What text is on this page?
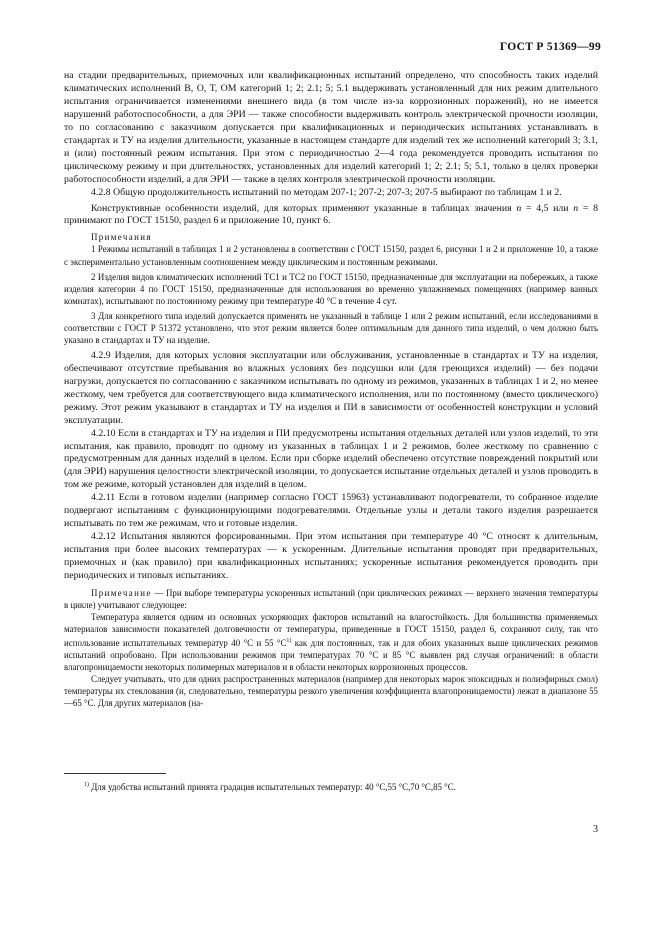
ГОСТ Р 51369—99

на стадии предварительных, приемочных или квалификационных испытаний определено, что способность таких изделий климатических исполнений В, О, Т, ОМ категорий 1; 2; 2.1; 5; 5.1 выдерживать установленный для них режим длительного испытания ограничивается изменениями внешнего вида (в том числе из-за коррозионных поражений), но не имеется нарушений работоспособности, а для ЭРИ — также способности выдерживать контроль электрической прочности изоляции, то по согласованию с заказчиком допускается при квалификационных и периодических испытаниях устанавливать в стандартах и ТУ на изделия длительности, указанные в настоящем стандарте для изделий тех же исполнений категорий 3; 3.1, и (или) постоянный режим испытания. При этом с периодичностью 2—4 года рекомендуется проводить испытания по циклическому режиму и при длительностях, установленных для изделий категорий 1; 2; 2.1; 5; 5.1, только в целях проверки работоспособности изделий, а для ЭРИ — также в целях контроля электрической прочности изоляции.

4.2.8 Общую продолжительность испытаний по методам 207-1; 207-2; 207-3; 207-5 выбирают по таблицам 1 и 2.

Конструктивные особенности изделий, для которых применяют указанные в таблицах значения n = 4,5 или n = 8 принимают по ГОСТ 15150, раздел 6 и приложение 10, пункт 6.

Примечания

1 Режимы испытаний в таблицах 1 и 2 установлены в соответствии с ГОСТ 15150, раздел 6, рисунки 1 и 2 и приложение 10, а также с экспериментально установленным соотношением между циклическим и постоянным режимами.

2 Изделия видов климатических исполнений ТС1 и ТС2 по ГОСТ 15150, предназначенные для эксплуатации на побережьях, а также изделия категории 4 по ГОСТ 15150, предназначенные для использования во временно увлажняемых помещениях (например ванных комнатах), испытывают по постоянному режиму при температуре 40 °С в течение 4 сут.

3 Для конкретного типа изделий допускается применять не указанный в таблице 1 или 2 режим испытаний, если исследованиями в соответствии с ГОСТ Р 51372 установлено, что этот режим является более оптимальным для данного типа изделий, о чем должно быть указано в стандартах и ТУ на изделие.

4.2.9 Изделия, для которых условия эксплуатации или обслуживания, установленные в стандартах и ТУ на изделия, обеспечивают отсутствие пребывания во влажных условиях без подсушки или (для греющихся изделий) — без подачи нагрузки, допускается по согласованию с заказчиком испытывать по одному из режимов, указанных в таблицах 1 и 2, но менее жесткому, чем требуется для соответствующего вида климатического исполнения, или по постоянному (вместо циклического) режиму. Этот режим указывают в стандартах и ТУ на изделия и ПИ в зависимости от особенностей конструкции и условий эксплуатации.

4.2.10 Если в стандартах и ТУ на изделия и ПИ предусмотрены испытания отдельных деталей или узлов изделий, то эти испытания, как правило, проводят по одному из указанных в таблицах 1 и 2 режимов, более жесткому по сравнению с предусмотренным для данных изделий в целом. Если при сборке изделий обеспечено отсутствие повреждений покрытий или (для ЭРИ) нарушения целостности электрической изоляции, то допускается испытание отдельных деталей и узлов проводить в том же режиме, который установлен для изделий в целом.

4.2.11 Если в готовом изделии (например согласно ГОСТ 15963) устанавливают подогреватели, то собранное изделие подвергают испытаниям с функционирующими подогревателями. Отдельные узлы и детали такого изделия разрешается испытывать по тем же режимам, что и готовые изделия.

4.2.12 Испытания являются форсированными. При этом испытания при температуре 40 °С относят к длительным, испытания при более высоких температурах — к ускоренным. Длительные испытания проводят при предварительных, приемочных и (как правило) при квалификационных испытаниях; ускоренные испытания рекомендуется проводить при периодических и типовых испытаниях.

Примечание — При выборе температуры ускоренных испытаний (при циклических режимах — верхнего значения температуры в цикле) учитывают следующее:

Температура является одним из основных ускоряющих факторов испытаний на влагостойкость. Для большинства применяемых материалов зависимости показателей долговечности от температуры, приведенные в ГОСТ 15150, раздел 6, сохраняют силу, так что использование испытательных температур 40 °С и 55 $^\circ С^{1)}$ как для постоянных, так и для обоих указанных выше циклических режимов испытаний опробовано. При использовании режимов при температурах 70 °С и 85 °С выявлен ряд случая ограничений: в области влагопроницаемости некоторых полимерных материалов и в области некоторых коррозионных процессов.

Следует учитывать, что для одних распространенных материалов (например для некоторых марок эпоксидных и полиэфирных смол) температуры их стеклования (и, следовательно, температуры резкого увеличения коэффициента влагопроницаемости) лежат в диапазоне 55—65 °С. Для других материалов (на-

$^{1)}$ Для удобства испытаний принята градация испытательных температур: 40 °С,55 °С,70 °С,85 °С.
3
